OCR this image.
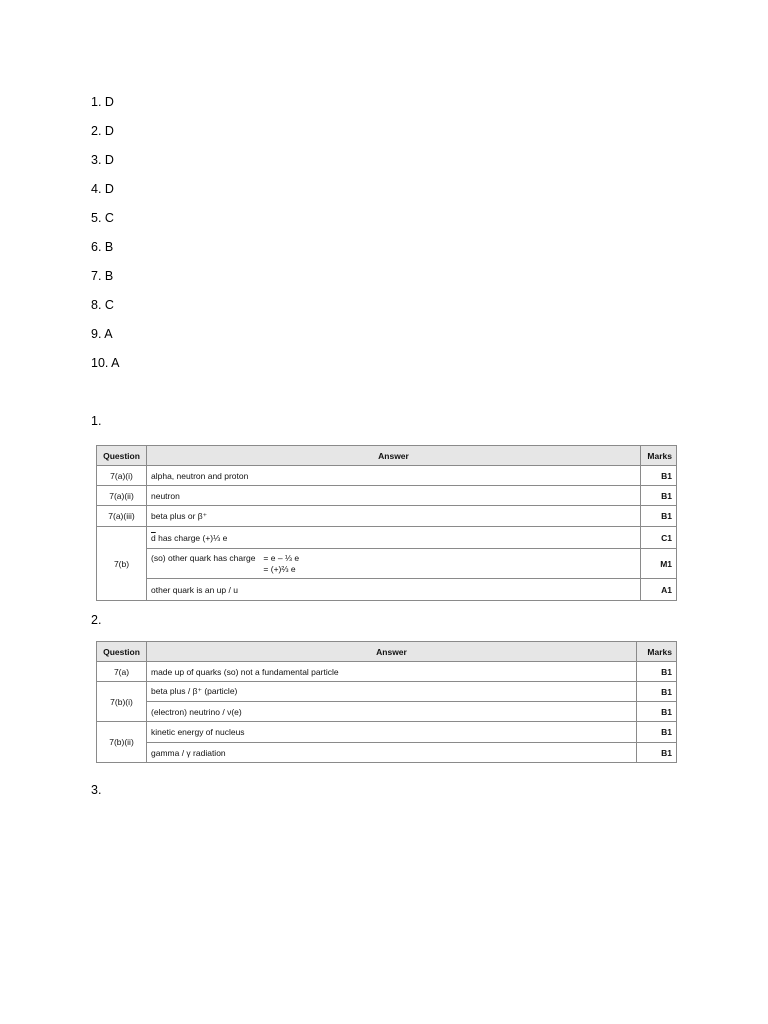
1. D
2. D
3. D
4. D
5. C
6. B
7. B
8. C
9. A
10. A
1.
Question	Answer	Marks
7(a)(i)	alpha, neutron and proton	B1
7(a)(ii)	neutron	B1
7(a)(iii)	beta plus or β⁺	B1
7(b)	$\overline{d}$ has charge (+)⅓ e	C1

	(so) other quark has charge = e – ⅓ e
= (+)⅔ e	M1
	other quark is an up / u	A1
2.
Question	Answer	Marks
7(a)	made up of quarks (so) not a fundamental particle	B1
7(b)(i)	beta plus / β⁺ (particle)	B1
	(electron) neutrino / ν(e)	B1
7(b)(ii)	kinetic energy of nucleus	B1
	gamma / γ radiation	B1
3.
